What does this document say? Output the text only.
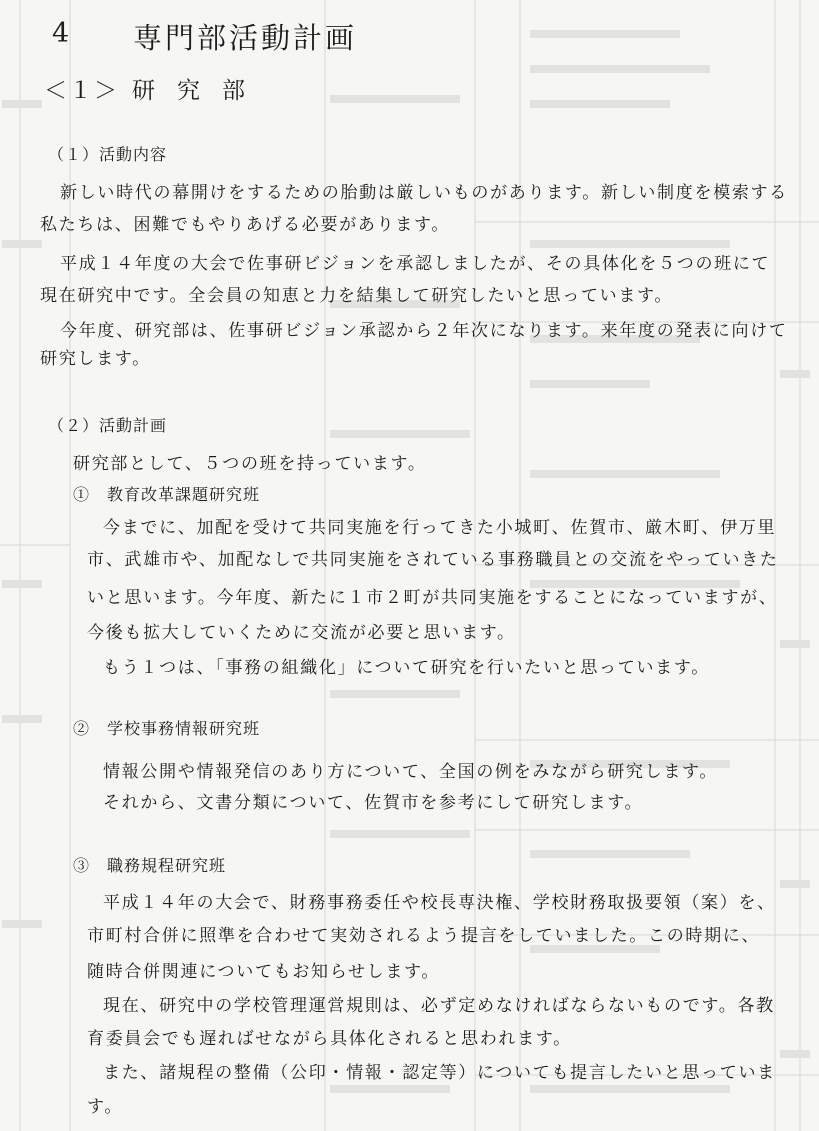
4 専門部活動計画
＜１＞ 研究部
（１）活動内容
新しい時代の幕開けをするための胎動は厳しいものがあります。新しい制度を模索する
私たちは、困難でもやりあげる必要があります。
平成１４年度の大会で佐事研ビジョンを承認しましたが、その具体化を５つの班にて
現在研究中です。全会員の知恵と力を結集して研究したいと思っています。
今年度、研究部は、佐事研ビジョン承認から２年次になります。来年度の発表に向けて
研究します。
（２）活動計画
研究部として、５つの班を持っています。
①　教育改革課題研究班
今までに、加配を受けて共同実施を行ってきた小城町、佐賀市、厳木町、伊万里
市、武雄市や、加配なしで共同実施をされている事務職員との交流をやっていきた
いと思います。今年度、新たに１市２町が共同実施をすることになっていますが、
今後も拡大していくために交流が必要と思います。
もう１つは、「事務の組織化」について研究を行いたいと思っています。
②　学校事務情報研究班
情報公開や情報発信のあり方について、全国の例をみながら研究します。
それから、文書分類について、佐賀市を参考にして研究します。
③　職務規程研究班
平成１４年の大会で、財務事務委任や校長専決権、学校財務取扱要領（案）を、
市町村合併に照準を合わせて実効されるよう提言をしていました。この時期に、
随時合併関連についてもお知らせします。
現在、研究中の学校管理運営規則は、必ず定めなければならないものです。各教
育委員会でも遅ればせながら具体化されると思われます。
また、諸規程の整備（公印・情報・認定等）についても提言したいと思っていま
す。
